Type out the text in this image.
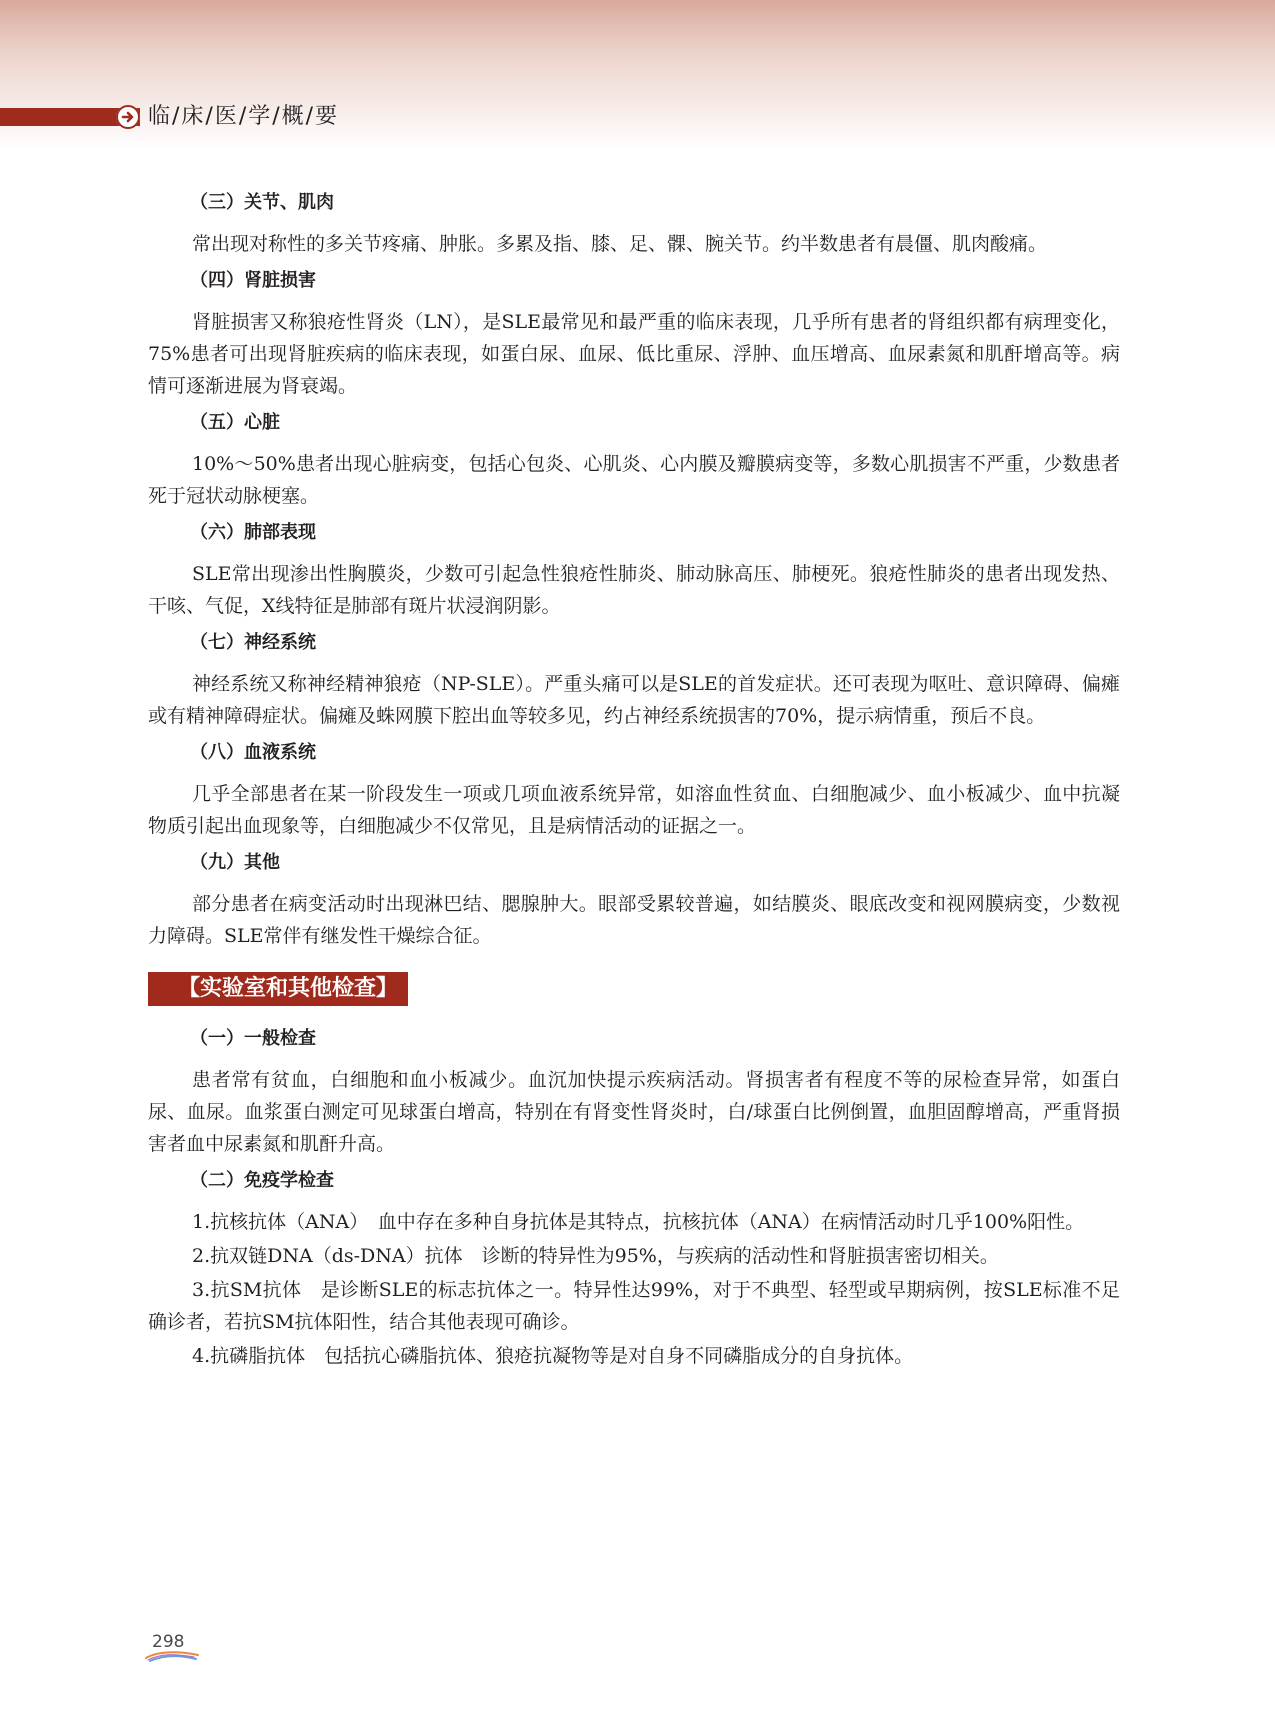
临/床/医/学/概/要
（三）关节、肌肉

常出现对称性的多关节疼痛、肿胀。多累及指、膝、足、髁、腕关节。约半数患者有晨僵、肌肉酸痛。

（四）肾脏损害

肾脏损害又称狼疮性肾炎（LN），是SLE最常见和最严重的临床表现，几乎所有患者的肾组织都有病理变化，75%患者可出现肾脏疾病的临床表现，如蛋白尿、血尿、低比重尿、浮肿、血压增高、血尿素氮和肌酐增高等。病情可逐渐进展为肾衰竭。

（五）心脏

10%～50%患者出现心脏病变，包括心包炎、心肌炎、心内膜及瓣膜病变等，多数心肌损害不严重，少数患者死于冠状动脉梗塞。

（六）肺部表现

SLE常出现渗出性胸膜炎，少数可引起急性狼疮性肺炎、肺动脉高压、肺梗死。狼疮性肺炎的患者出现发热、干咳、气促，X线特征是肺部有斑片状浸润阴影。

（七）神经系统

神经系统又称神经精神狼疮（NP-SLE）。严重头痛可以是SLE的首发症状。还可表现为呕吐、意识障碍、偏瘫或有精神障碍症状。偏瘫及蛛网膜下腔出血等较多见，约占神经系统损害的70%，提示病情重，预后不良。

（八）血液系统

几乎全部患者在某一阶段发生一项或几项血液系统异常，如溶血性贫血、白细胞减少、血小板减少、血中抗凝物质引起出血现象等，白细胞减少不仅常见，且是病情活动的证据之一。

（九）其他

部分患者在病变活动时出现淋巴结、腮腺肿大。眼部受累较普遍，如结膜炎、眼底改变和视网膜病变，少数视力障碍。SLE常伴有继发性干燥综合征。

【实验室和其他检查】
（一）一般检查

患者常有贫血，白细胞和血小板减少。血沉加快提示疾病活动。肾损害者有程度不等的尿检查异常，如蛋白尿、血尿。血浆蛋白测定可见球蛋白增高，特别在有肾变性肾炎时，白/球蛋白比例倒置，血胆固醇增高，严重肾损害者血中尿素氮和肌酐升高。

（二）免疫学检查

1.抗核抗体（ANA）　血中存在多种自身抗体是其特点，抗核抗体（ANA）在病情活动时几乎100%阳性。

2.抗双链DNA（ds-DNA）抗体　诊断的特异性为95%，与疾病的活动性和肾脏损害密切相关。

3.抗SM抗体　是诊断SLE的标志抗体之一。特异性达99%，对于不典型、轻型或早期病例，按SLE标准不足确诊者，若抗SM抗体阳性，结合其他表现可确诊。

4.抗磷脂抗体　包括抗心磷脂抗体、狼疮抗凝物等是对自身不同磷脂成分的自身抗体。

298
